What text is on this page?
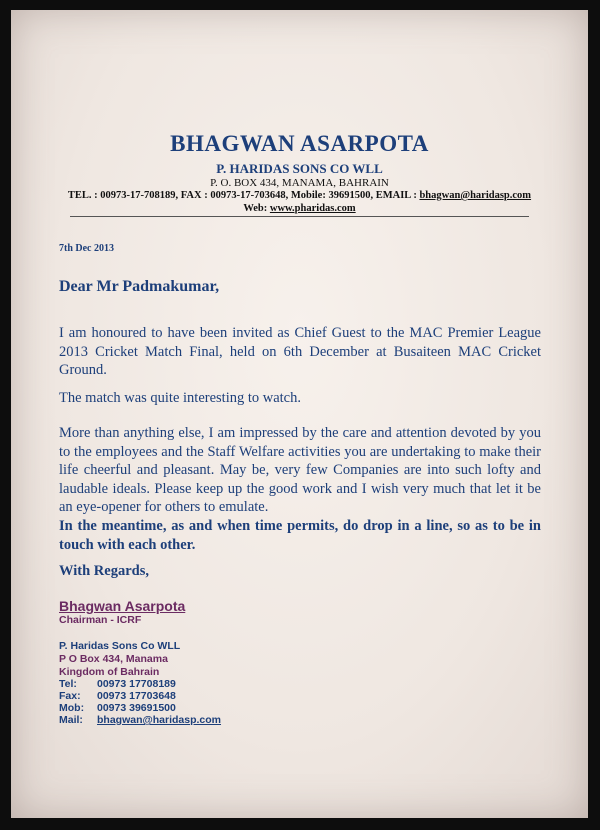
BHAGWAN ASARPOTA
P. HARIDAS SONS CO WLL
P. O. BOX 434, MANAMA, BAHRAIN
TEL. : 00973-17-708189, FAX : 00973-17-703648, Mobile: 39691500, EMAIL : bhagwan@haridasp.com
Web: www.pharidas.com
7th Dec 2013
Dear Mr Padmakumar,
I am honoured to have been invited as Chief Guest to the MAC Premier League 2013 Cricket Match Final, held on 6th December at Busaiteen MAC Cricket Ground.
The match was quite interesting to watch.
More than anything else, I am impressed by the care and attention devoted by you to the employees and the Staff Welfare activities you are undertaking to make their life cheerful and pleasant. May be, very few Companies are into such lofty and laudable ideals. Please keep up the good work and I wish very much that let it be an eye-opener for others to emulate.
In the meantime, as and when time permits, do drop in a line, so as to be in touch with each other.
With Regards,
Bhagwan Asarpota
Chairman - ICRF
P. Haridas Sons Co WLL
P O Box 434, Manama
Kingdom of Bahrain
Tel: 00973 17708189
Fax: 00973 17703648
Mob: 00973 39691500
Mail: bhagwan@haridasp.com
